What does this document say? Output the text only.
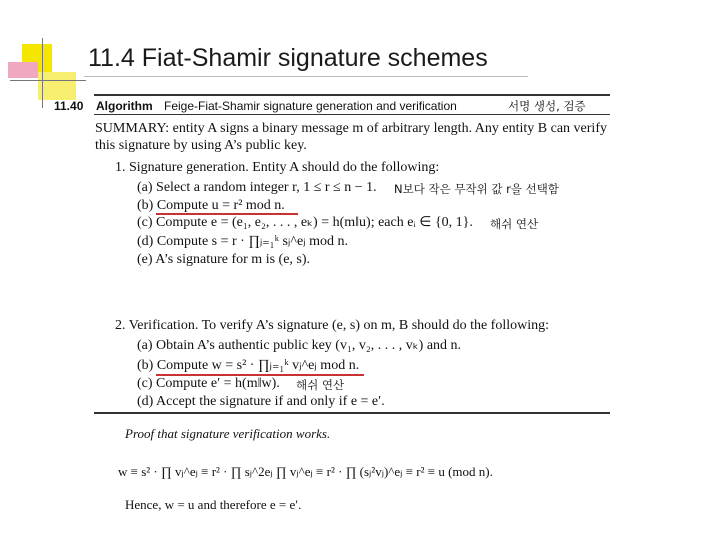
11.4 Fiat-Shamir signature schemes
11.40 Algorithm Feige-Fiat-Shamir signature generation and verification	서명 생성, 검증
SUMMARY: entity A signs a binary message m of arbitrary length. Any entity B can verify
this signature by using A’s public key.
1. Signature generation. Entity A should do the following:
(a) Select a random integer r, 1 ≤ r ≤ n − 1. N보다 작은 무작위 값 r을 선택함
(b) Compute u = r² mod n.
(c) Compute e = (e₁, e₂, . . . , eₖ) = h(m‖u); each eᵢ ∈ {0, 1}. 해쉬 연산
(d) Compute s = r · ∏ⱼ₌₁ᵏ sⱼ^eⱼ mod n.
(e) A’s signature for m is (e, s).
2. Verification. To verify A’s signature (e, s) on m, B should do the following:
(a) Obtain A’s authentic public key (v₁, v₂, . . . , vₖ) and n.
(b) Compute w = s² · ∏ⱼ₌₁ᵏ vⱼ^eⱼ mod n.
(c) Compute e′ = h(m‖w). 해쉬 연산
(d) Accept the signature if and only if e = e′.
Proof that signature verification works.
w ≡ s² · ∏ vⱼ^eⱼ ≡ r² · ∏ sⱼ^2eⱼ ∏ vⱼ^eⱼ ≡ r² · ∏ (sⱼ²vⱼ)^eⱼ ≡ r² ≡ u (mod n).
Hence, w = u and therefore e = e′.
